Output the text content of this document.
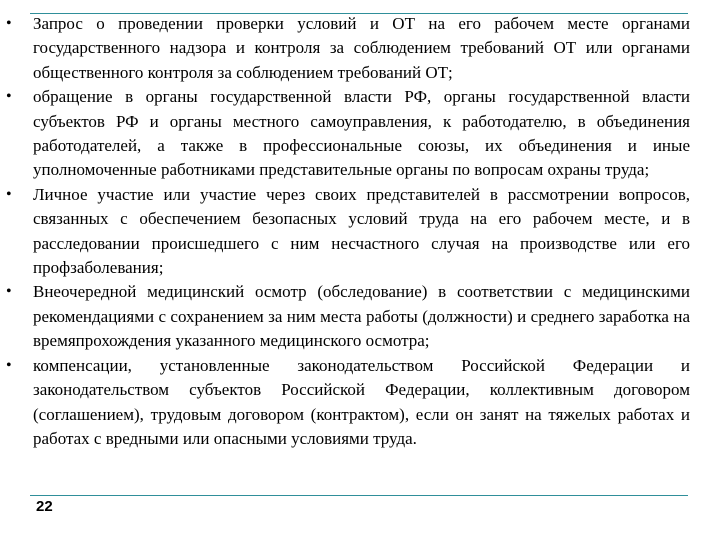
• Запрос о проведении проверки условий и ОТ на его рабочем месте органами государственного надзора и контроля за соблюдением требований ОТ или органами общественного контроля за соблюдением требований ОТ;
• обращение в органы государственной власти РФ, органы государственной власти субъектов РФ и органы местного самоуправления, к работодателю, в объединения работодателей, а также в профессиональные союзы, их объединения и иные уполномоченные работниками представительные органы по вопросам охраны труда;
• Личное участие или участие через своих представителей в рассмотрении вопросов, связанных с обеспечением безопасных условий труда на его рабочем месте, и в расследовании происшедшего с ним несчастного случая на производстве или его профзаболевания;
• Внеочередной медицинский осмотр (обследование) в соответствии с медицинскими рекомендациями с сохранением за ним места работы (должности) и среднего заработка на времяпрохождения указанного медицинского осмотра;
• компенсации, установленные законодательством Российской Федерации и законодательством субъектов Российской Федерации, коллективным договором (соглашением), трудовым договором (контрактом), если он занят на тяжелых работах и работах с вредными или опасными условиями труда.
22
